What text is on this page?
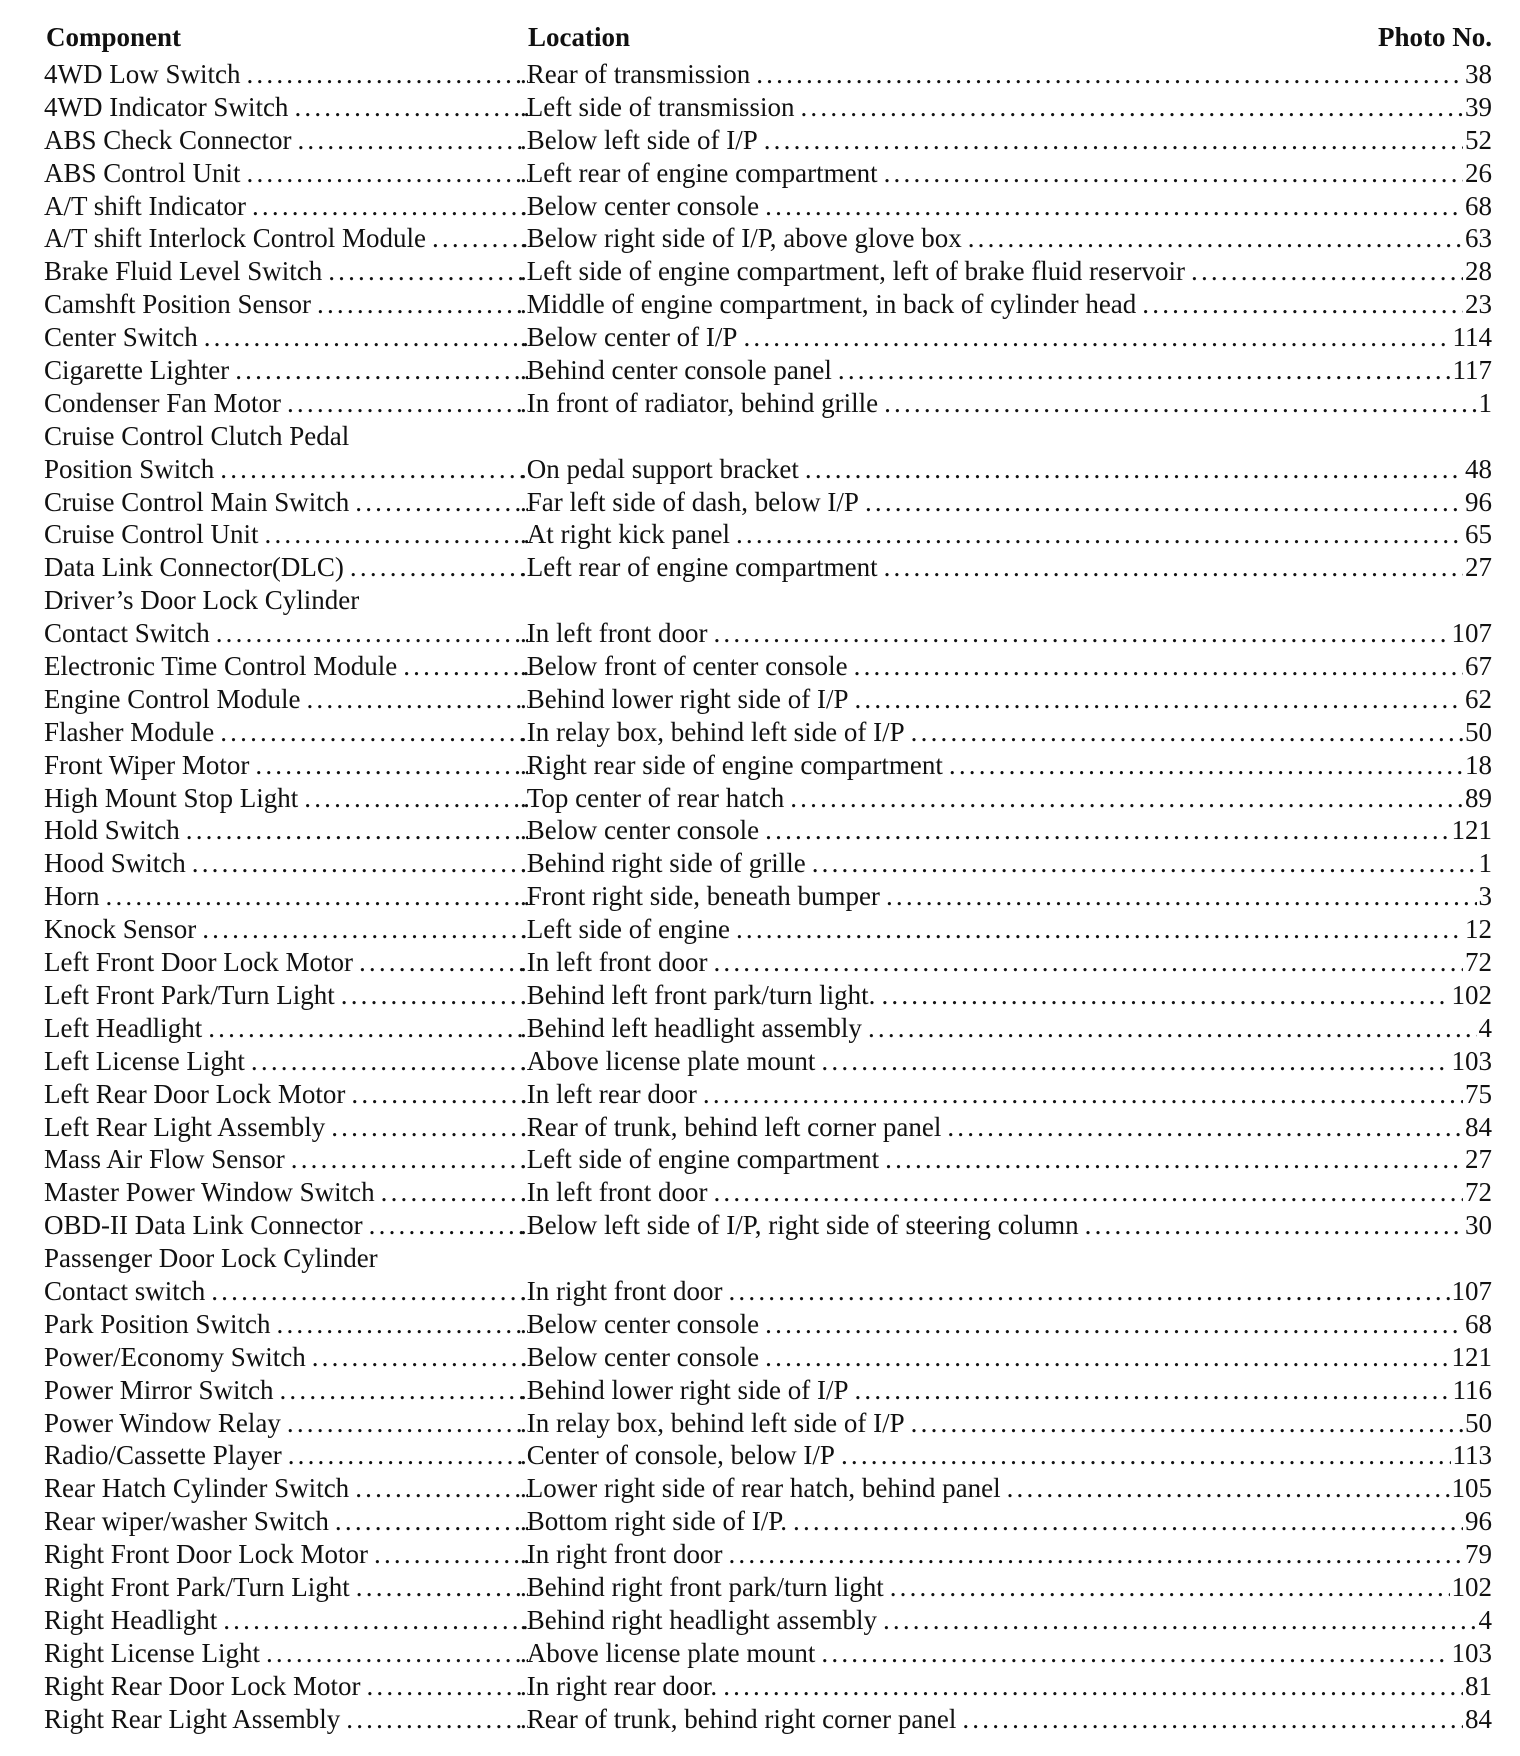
Component	Location	Photo No.
4WD Low Switch .....	.Rear of transmission .....	38
4WD Indicator Switch .....	.Left side of transmission .....	39
ABS Check Connector .....	.Below left side of I/P .....	52
ABS Control Unit .....	.Left rear of engine compartment .....	26
A/T shift Indicator .....	.Below center console .....	68
A/T shift Interlock Control Module .....	.Below right side of I/P, above glove box .....	63
Brake Fluid Level Switch .....	.Left side of engine compartment, left of brake fluid reservoir .....	28
Camshft Position Sensor .....	.Middle of engine compartment, in back of cylinder head .....	23
Center Switch .....	.Below center of I/P .....	114
Cigarette Lighter .....	.Behind center console panel .....	117
Condenser Fan Motor .....	.In front of radiator, behind grille .....	1
Cruise Control Clutch Pedal
Position Switch .....	.On pedal support bracket .....	48
Cruise Control Main Switch .....	.Far left side of dash, below I/P .....	96
Cruise Control Unit .....	.At right kick panel .....	65
Data Link Connector(DLC) .....	.Left rear of engine compartment .....	27
Driver’s Door Lock Cylinder
Contact Switch .....	.In left front door .....	107
Electronic Time Control Module .....	.Below front of center console .....	67
Engine Control Module .....	.Behind lower right side of I/P .....	62
Flasher Module .....	.In relay box, behind left side of I/P .....	50
Front Wiper Motor .....	.Right rear side of engine compartment .....	18
High Mount Stop Light .....	.Top center of rear hatch .....	89
Hold Switch .....	.Below center console .....	121
Hood Switch .....	.Behind right side of grille .....	1
Horn .....	.Front right side, beneath bumper .....	3
Knock Sensor .....	.Left side of engine .....	12
Left Front Door Lock Motor .....	.In left front door .....	72
Left Front Park/Turn Light .....	.Behind left front park/turn light. .....	102
Left Headlight .....	.Behind left headlight assembly .....	4
Left License Light .....	.Above license plate mount .....	103
Left Rear Door Lock Motor .....	.In left rear door .....	75
Left Rear Light Assembly .....	.Rear of trunk, behind left corner panel .....	84
Mass Air Flow Sensor .....	.Left side of engine compartment .....	27
Master Power Window Switch .....	.In left front door .....	72
OBD-II Data Link Connector .....	.Below left side of I/P, right side of steering column .....	30
Passenger Door Lock Cylinder
Contact switch .....	.In right front door .....	107
Park Position Switch .....	.Below center console .....	68
Power/Economy Switch .....	.Below center console .....	121
Power Mirror Switch .....	.Behind lower right side of I/P .....	116
Power Window Relay .....	.In relay box, behind left side of I/P .....	50
Radio/Cassette Player .....	.Center of console, below I/P .....	113
Rear Hatch Cylinder Switch .....	.Lower right side of rear hatch, behind panel .....	105
Rear wiper/washer Switch .....	.Bottom right side of I/P. .....	96
Right Front Door Lock Motor .....	.In right front door .....	79
Right Front Park/Turn Light .....	.Behind right front park/turn light .....	102
Right Headlight .....	.Behind right headlight assembly .....	4
Right License Light .....	.Above license plate mount .....	103
Right Rear Door Lock Motor .....	.In right rear door. .....	81
Right Rear Light Assembly .....	.Rear of trunk, behind right corner panel .....	84
